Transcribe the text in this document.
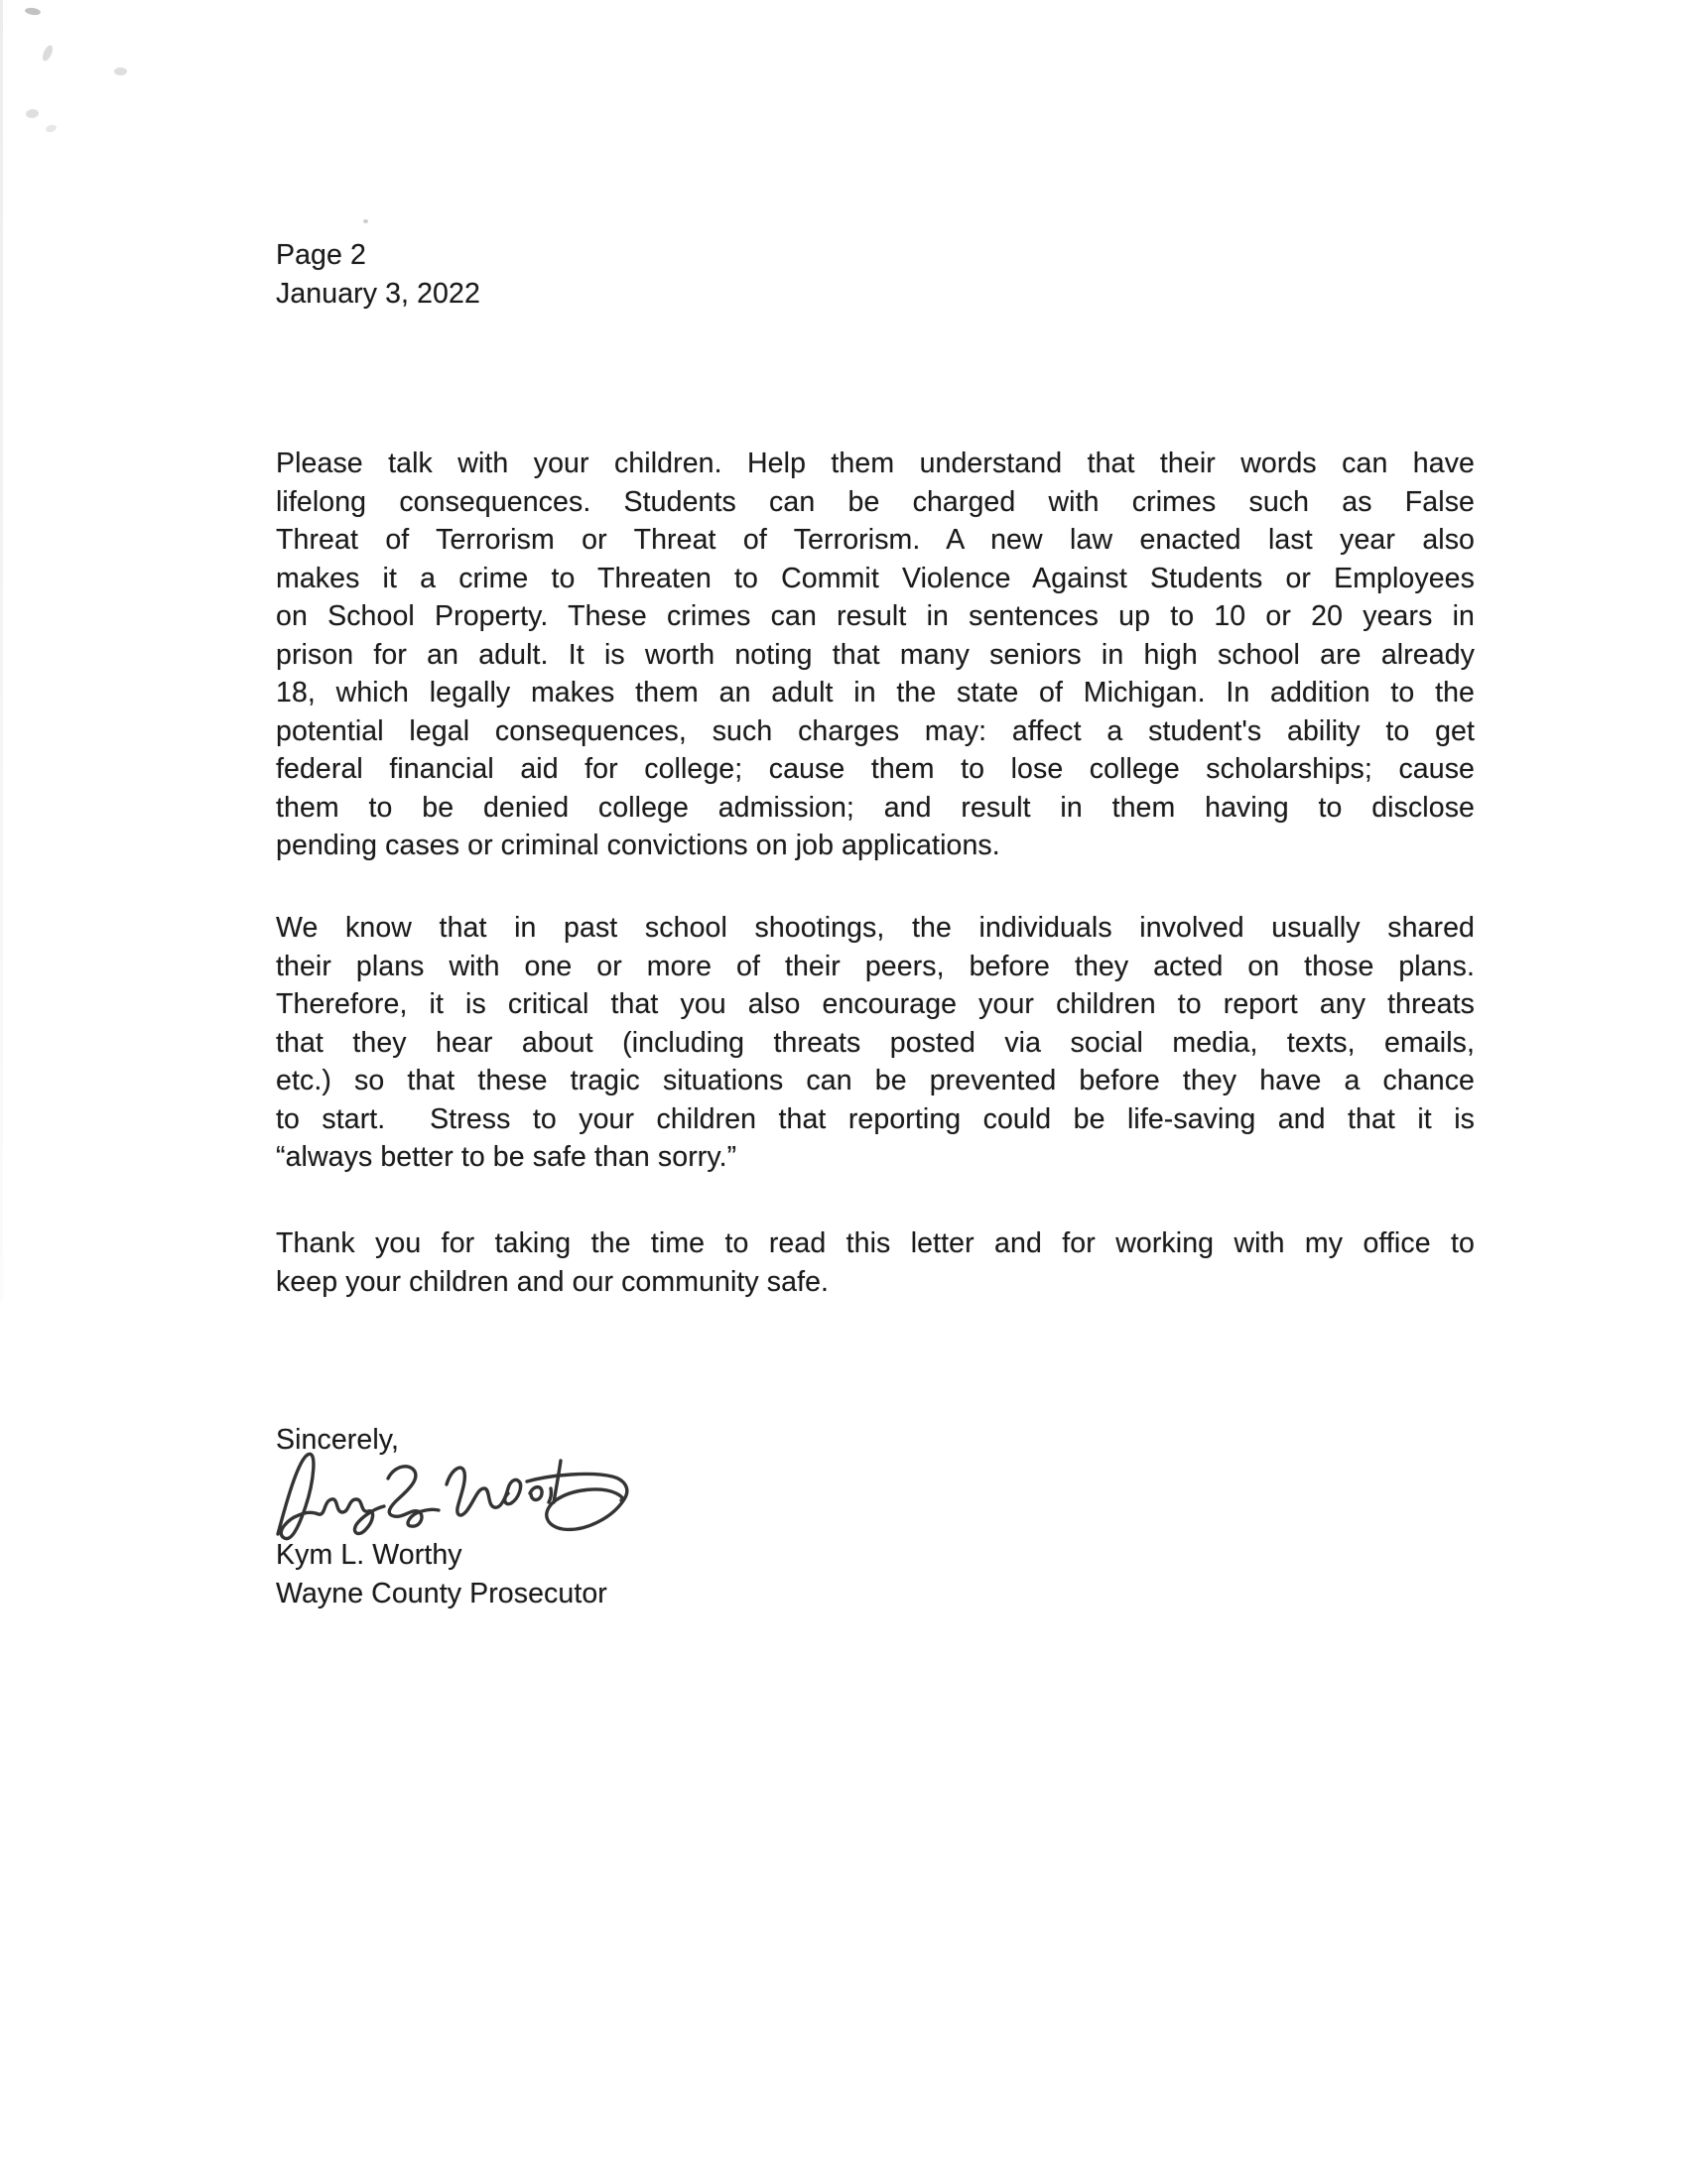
Page 2
January 3, 2022
Please talk with your children. Help them understand that their words can have
lifelong consequences. Students can be charged with crimes such as False
Threat of Terrorism or Threat of Terrorism. A new law enacted last year also
makes it a crime to Threaten to Commit Violence Against Students or Employees
on School Property. These crimes can result in sentences up to 10 or 20 years in
prison for an adult. It is worth noting that many seniors in high school are already
18, which legally makes them an adult in the state of Michigan. In addition to the
potential legal consequences, such charges may: affect a student's ability to get
federal financial aid for college; cause them to lose college scholarships; cause
them to be denied college admission; and result in them having to disclose
pending cases or criminal convictions on job applications.
We know that in past school shootings, the individuals involved usually shared
their plans with one or more of their peers, before they acted on those plans.
Therefore, it is critical that you also encourage your children to report any threats
that they hear about (including threats posted via social media, texts, emails,
etc.) so that these tragic situations can be prevented before they have a chance
to start.  Stress to your children that reporting could be life-saving and that it is
“always better to be safe than sorry.”
Thank you for taking the time to read this letter and for working with my office to
keep your children and our community safe.
Sincerely,
Kym L. Worthy
Wayne County Prosecutor
